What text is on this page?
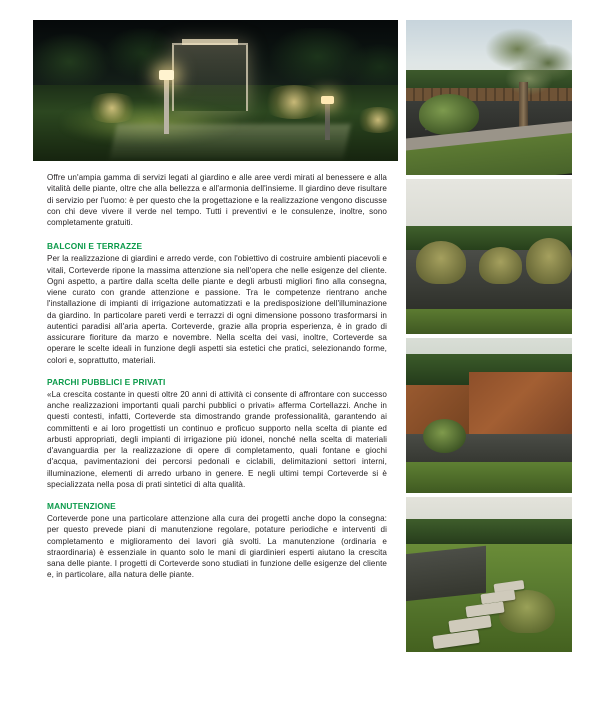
Offre un'ampia gamma di servizi legati al giardino e alle aree verdi mirati al benessere e alla vitalità delle piante, oltre che alla bellezza e all'armonia dell'insieme. Il giardino deve risultare di servizio per l'uomo: è per questo che la progettazione e la realizzazione vengono discusse con chi deve vivere il verde nel tempo. Tutti i preventivi e le consulenze, inoltre, sono completamente gratuiti.

BALCONI E TERRAZZE

Per la realizzazione di giardini e arredo verde, con l'obiettivo di costruire ambienti piacevoli e vitali, Corteverde ripone la massima attenzione sia nell'opera che nelle esigenze del cliente. Ogni aspetto, a partire dalla scelta delle piante e degli arbusti migliori fino alla consegna, viene curato con grande attenzione e passione. Tra le competenze rientrano anche l'installazione di impianti di irrigazione automatizzati e la predisposizione dell'illuminazione da giardino. In particolare pareti verdi e terrazzi di ogni dimensione possono trasformarsi in autentici paradisi all'aria aperta. Corteverde, grazie alla propria esperienza, è in grado di assicurare fioriture da marzo e novembre. Nella scelta dei vasi, inoltre, Corteverde sa operare le scelte ideali in funzione degli aspetti sia estetici che pratici, selezionando forme, colori e, soprattutto, materiali.

PARCHI PUBBLICI E PRIVATI

«La crescita costante in questi oltre 20 anni di attività ci consente di affrontare con successo anche realizzazioni importanti quali parchi pubblici o privati» afferma Cortellazzi. Anche in questi contesti, infatti, Corteverde sta dimostrando grande professionalità, garantendo ai committenti e ai loro progettisti un continuo e proficuo supporto nella scelta di piante ed arbusti appropriati, degli impianti di irrigazione più idonei, nonché nella scelta di materiali d'avanguardia per la realizzazione di opere di completamento, quali fontane e giochi d'acqua, pavimentazioni dei percorsi pedonali e ciclabili, delimitazioni settori interni, illuminazione, elementi di arredo urbano in genere. E negli ultimi tempi Corteverde si è specializzata nella posa di prati sintetici di alta qualità.

MANUTENZIONE

Corteverde pone una particolare attenzione alla cura dei progetti anche dopo la consegna: per questo prevede piani di manutenzione regolare, potature periodiche e interventi di completamento e miglioramento dei lavori già svolti. La manutenzione (ordinaria e straordinaria) è essenziale in quanto solo le mani di giardinieri esperti aiutano la crescita sana delle piante. I progetti di Corteverde sono studiati in funzione delle esigenze del cliente e, in particolare, alla natura delle piante.
